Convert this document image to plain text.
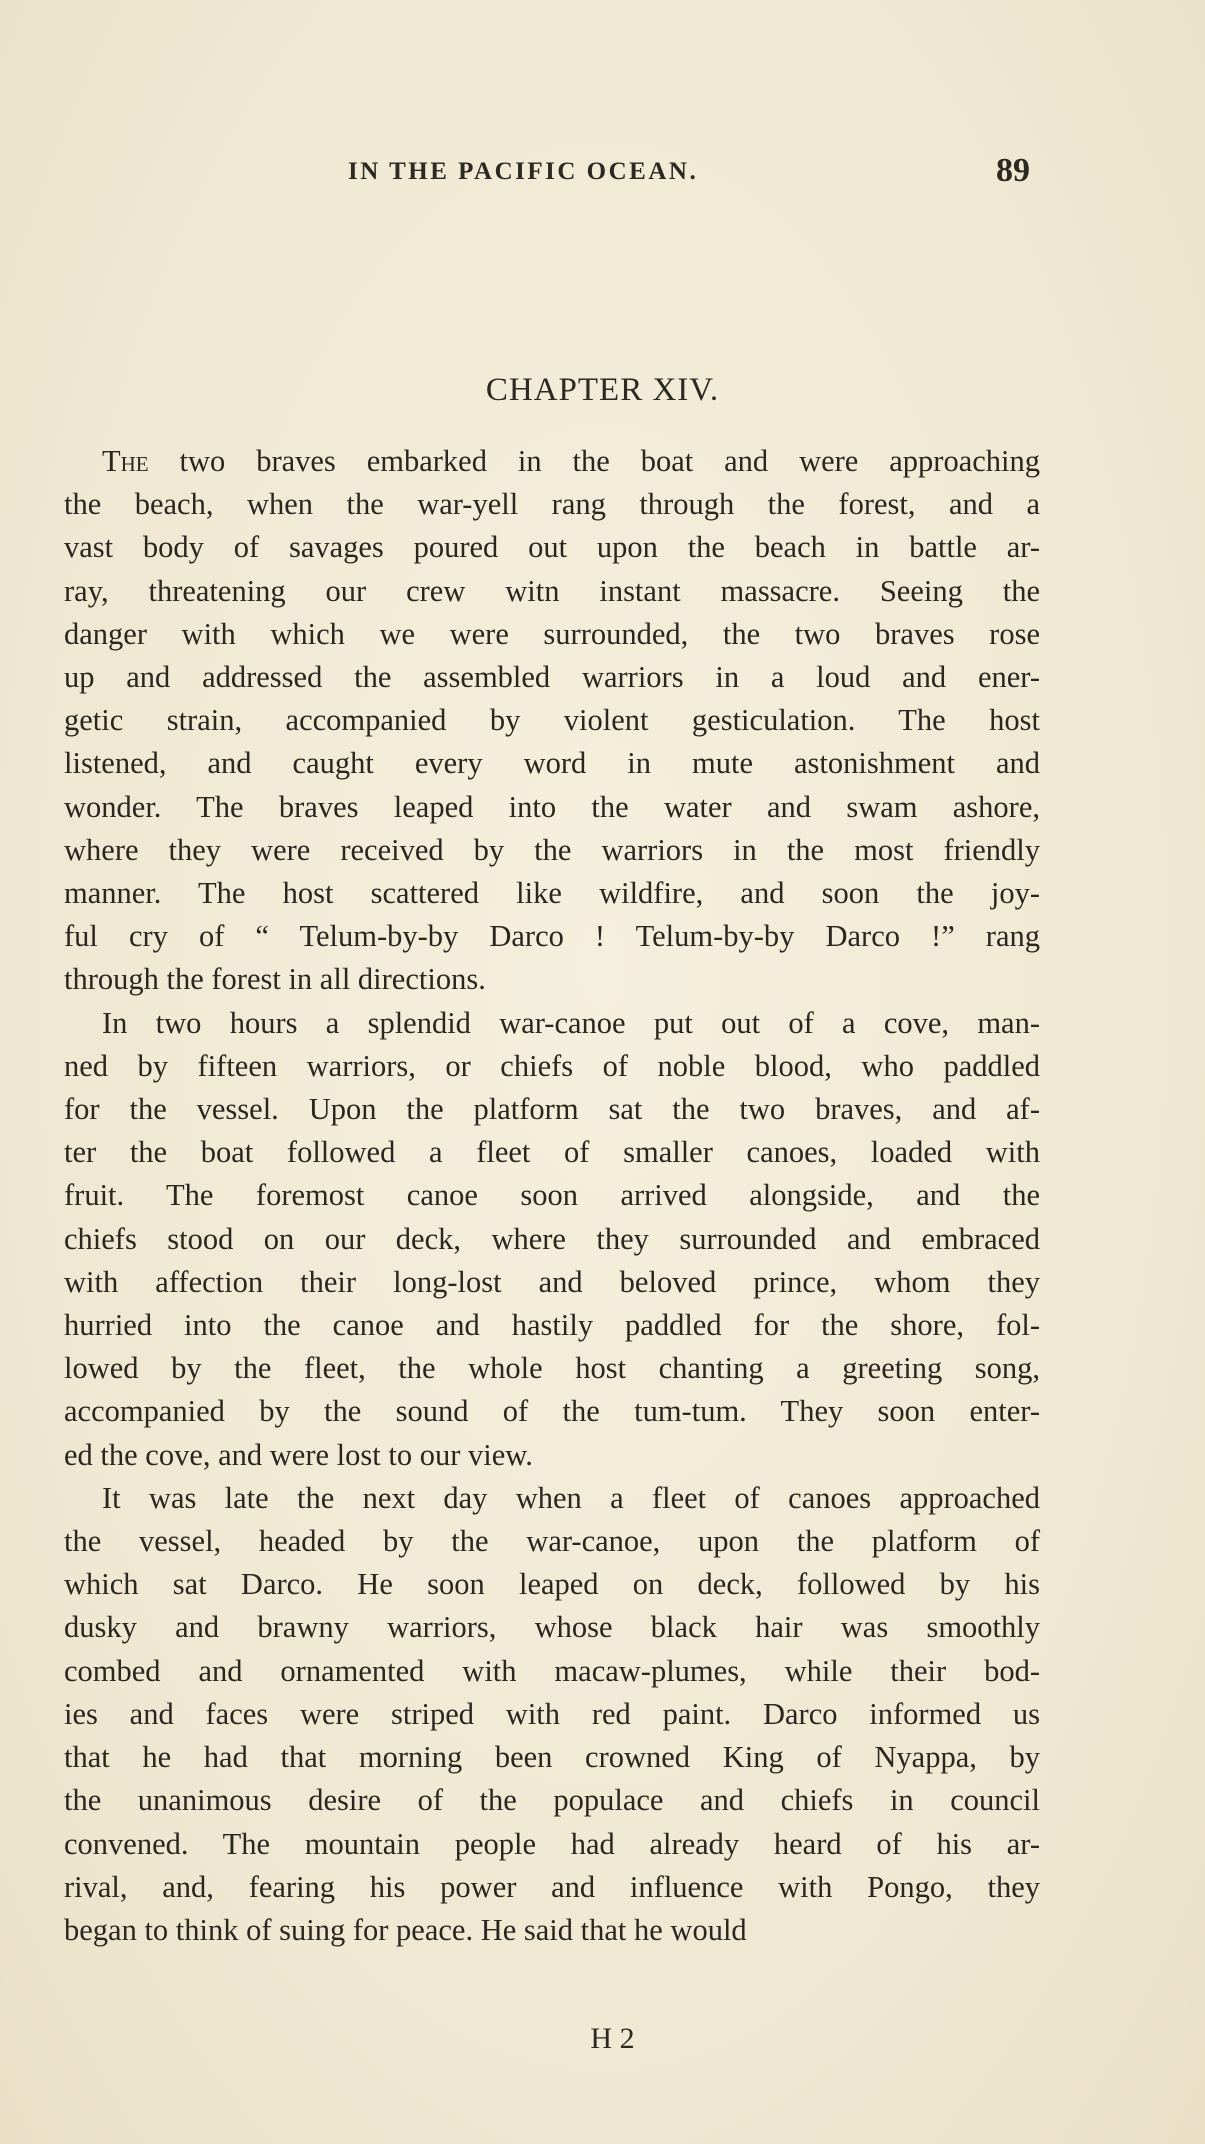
IN THE PACIFIC OCEAN.	89
CHAPTER XIV.

The two braves embarked in the boat and were approaching
the beach, when the war-yell rang through the forest, and a
vast body of savages poured out upon the beach in battle ar-
ray, threatening our crew witn instant massacre. Seeing the
danger with which we were surrounded, the two braves rose
up and addressed the assembled warriors in a loud and ener-
getic strain, accompanied by violent gesticulation. The host
listened, and caught every word in mute astonishment and
wonder. The braves leaped into the water and swam ashore,
where they were received by the warriors in the most friendly
manner. The host scattered like wildfire, and soon the joy-
ful cry of “ Telum-by-by Darco ! Telum-by-by Darco !” rang
through the forest in all directions.

In two hours a splendid war-canoe put out of a cove, man-
ned by fifteen warriors, or chiefs of noble blood, who paddled
for the vessel. Upon the platform sat the two braves, and af-
ter the boat followed a fleet of smaller canoes, loaded with
fruit. The foremost canoe soon arrived alongside, and the
chiefs stood on our deck, where they surrounded and embraced
with affection their long-lost and beloved prince, whom they
hurried into the canoe and hastily paddled for the shore, fol-
lowed by the fleet, the whole host chanting a greeting song,
accompanied by the sound of the tum-tum. They soon enter-
ed the cove, and were lost to our view.

It was late the next day when a fleet of canoes approached
the vessel, headed by the war-canoe, upon the platform of
which sat Darco. He soon leaped on deck, followed by his
dusky and brawny warriors, whose black hair was smoothly
combed and ornamented with macaw-plumes, while their bod-
ies and faces were striped with red paint. Darco informed us
that he had that morning been crowned King of Nyappa, by
the unanimous desire of the populace and chiefs in council
convened. The mountain people had already heard of his ar-
rival, and, fearing his power and influence with Pongo, they
began to think of suing for peace. He said that he would

H 2
